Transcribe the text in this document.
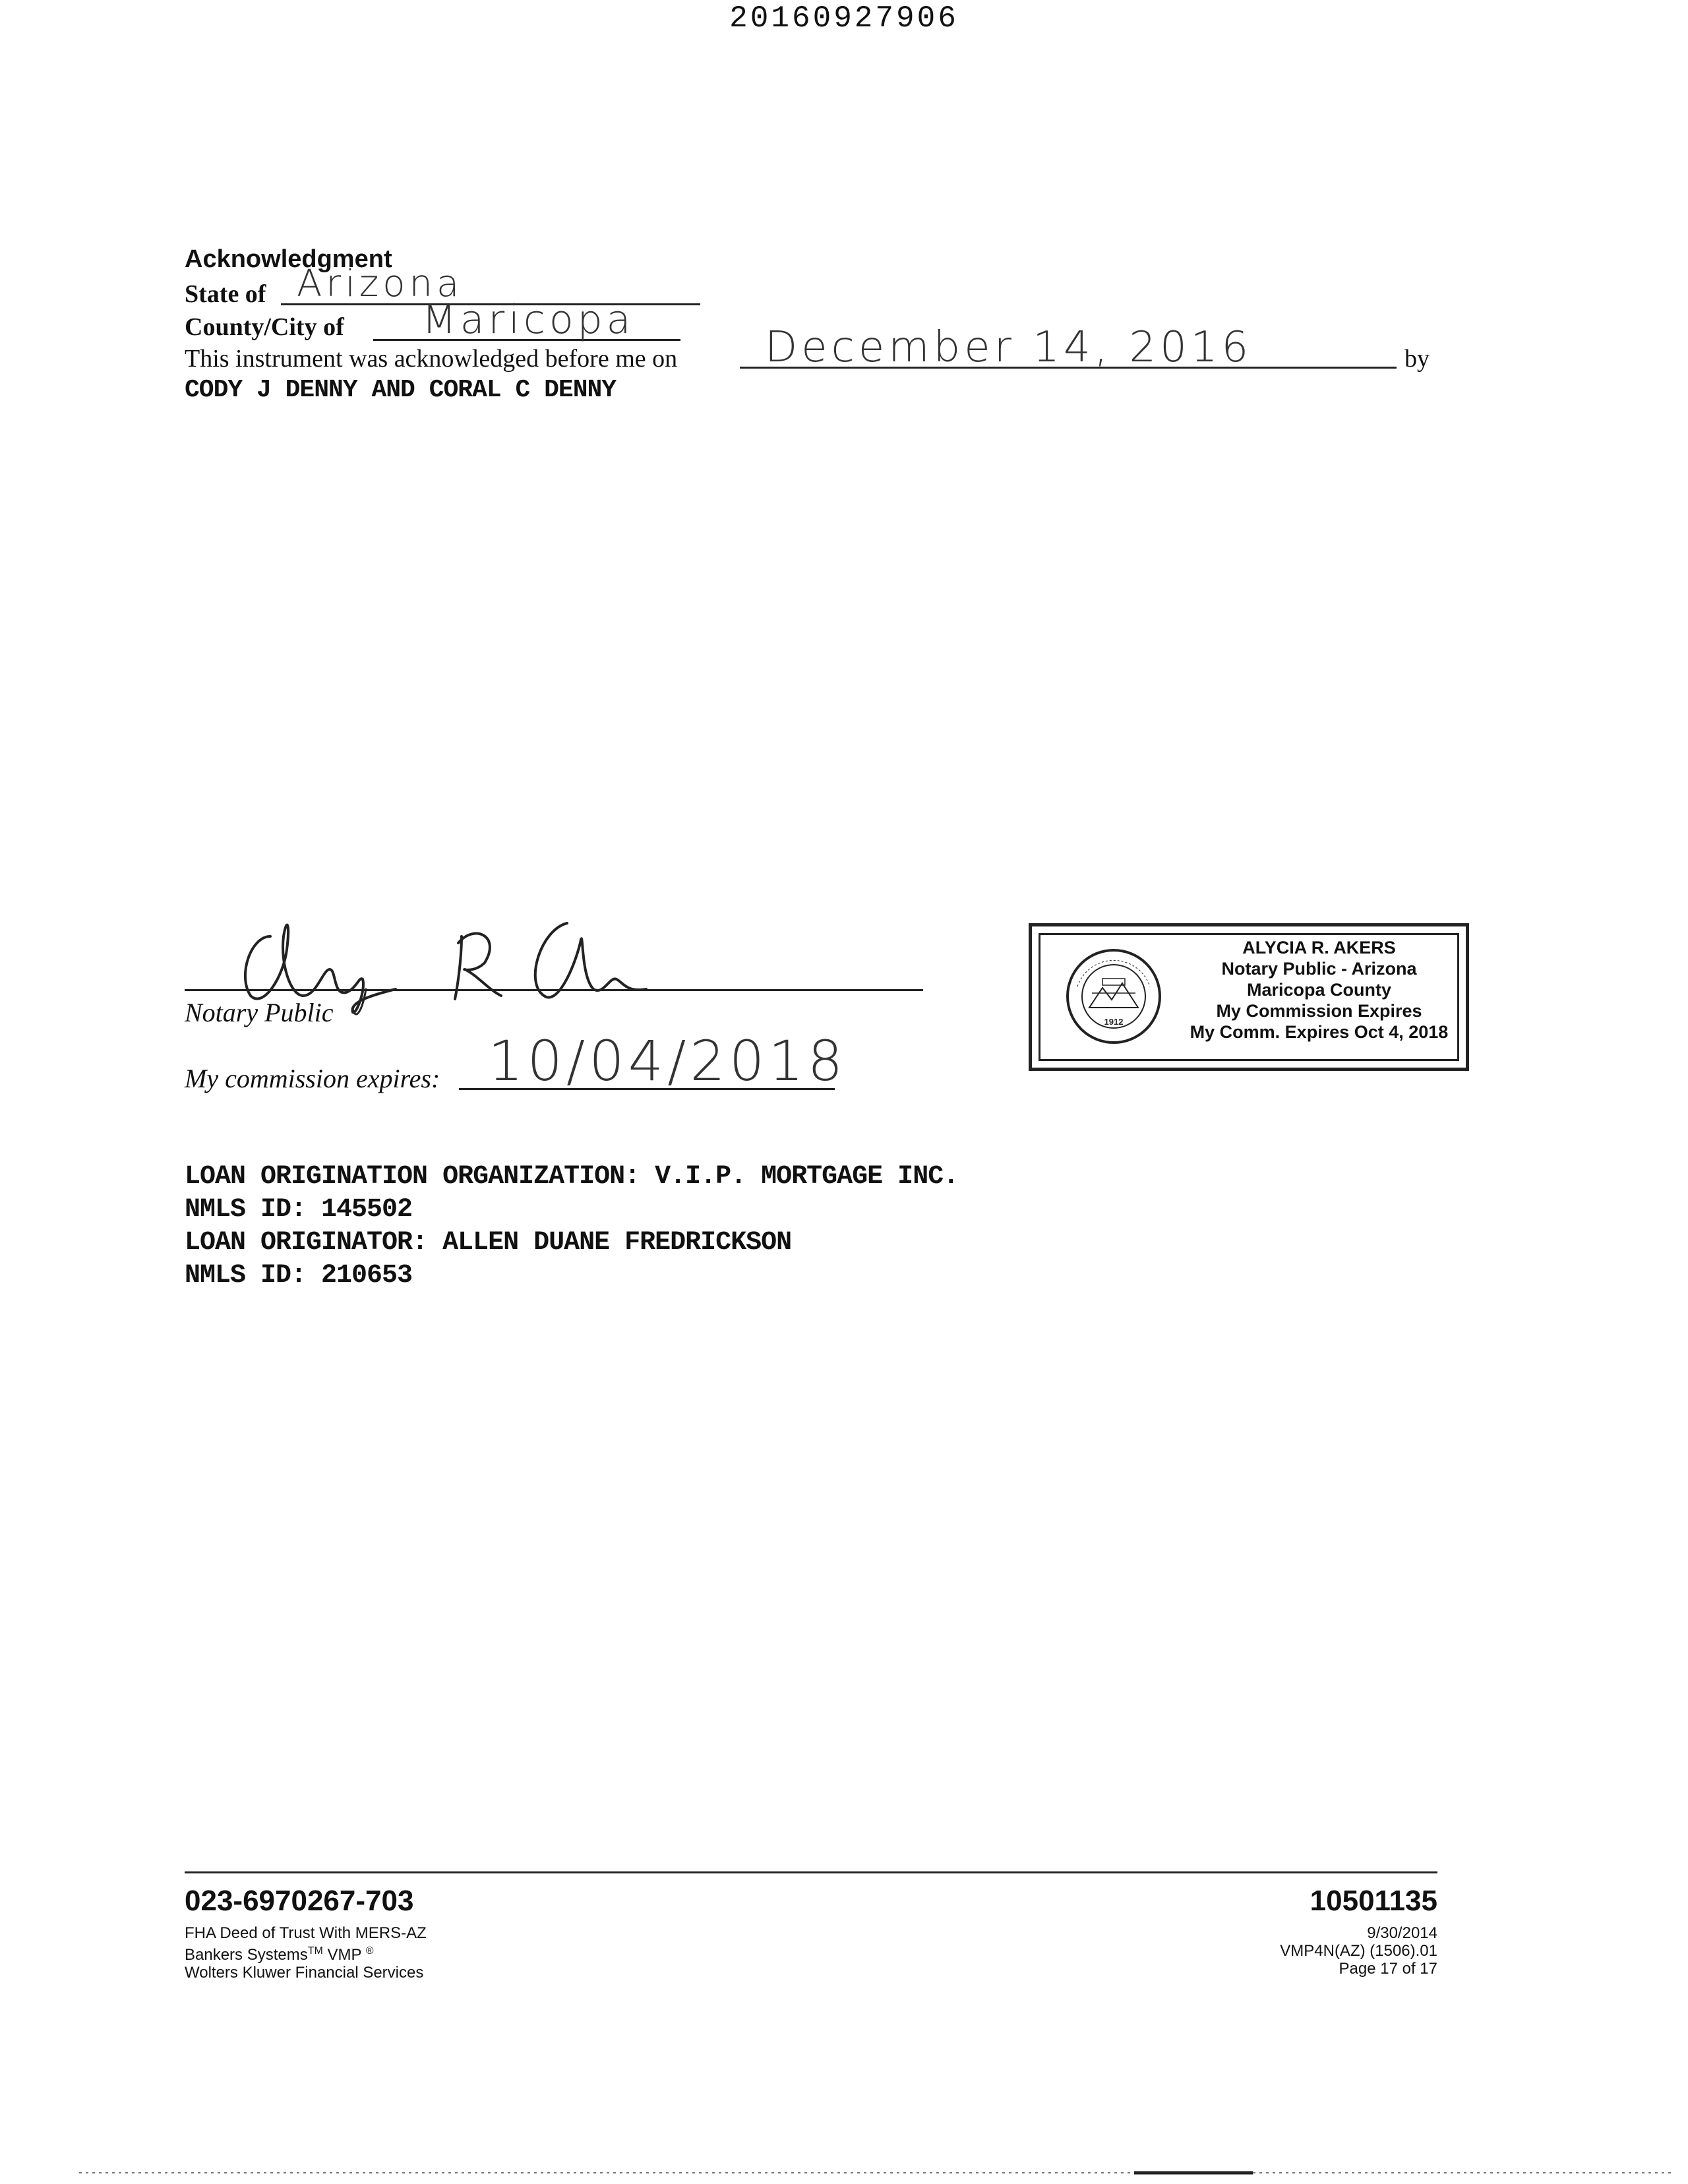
20160927906
Acknowledgment
State of Arizona
County/City of Maricopa
This instrument was acknowledged before me on December 14, 2016	by
CODY J DENNY AND CORAL C DENNY
Notary Public
My commission expires: 10/04/2018
1912
ALYCIA R. AKERS
Notary Public - Arizona
Maricopa County
My Commission Expires
My Comm. Expires Oct 4, 2018
LOAN ORIGINATION ORGANIZATION: V.I.P. MORTGAGE INC.
NMLS ID: 145502
LOAN ORIGINATOR: ALLEN DUANE FREDRICKSON
NMLS ID: 210653
023-6970267-703	10501135
FHA Deed of Trust With MERS-AZ
Bankers Systems™ VMP ®
Wolters Kluwer Financial Services
9/30/2014
VMP4N(AZ) (1506).01
Page 17 of 17
